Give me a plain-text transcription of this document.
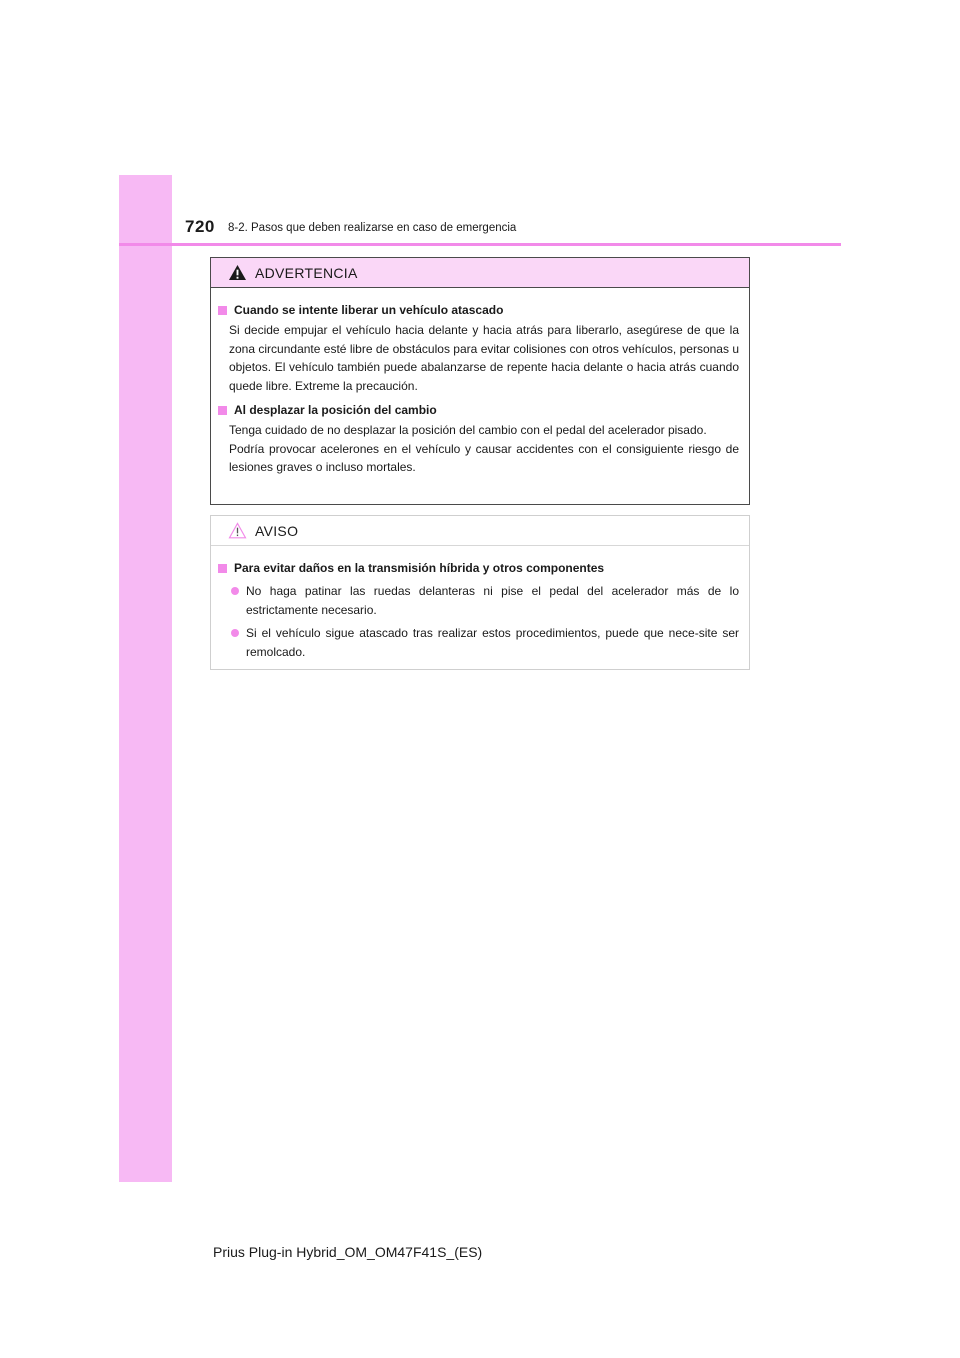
720 8-2. Pasos que deben realizarse en caso de emergencia
ADVERTENCIA
Cuando se intente liberar un vehículo atascado
Si decide empujar el vehículo hacia delante y hacia atrás para liberarlo, asegúrese de que la zona circundante esté libre de obstáculos para evitar colisiones con otros vehículos, personas u objetos. El vehículo también puede abalanzarse de repente hacia delante o hacia atrás cuando quede libre. Extreme la precaución.
Al desplazar la posición del cambio
Tenga cuidado de no desplazar la posición del cambio con el pedal del acelerador pisado.
Podría provocar acelerones en el vehículo y causar accidentes con el consiguiente riesgo de lesiones graves o incluso mortales.
AVISO
Para evitar daños en la transmisión híbrida y otros componentes
No haga patinar las ruedas delanteras ni pise el pedal del acelerador más de lo estrictamente necesario.
Si el vehículo sigue atascado tras realizar estos procedimientos, puede que nece-site ser remolcado.
Prius Plug-in Hybrid_OM_OM47F41S_(ES)
